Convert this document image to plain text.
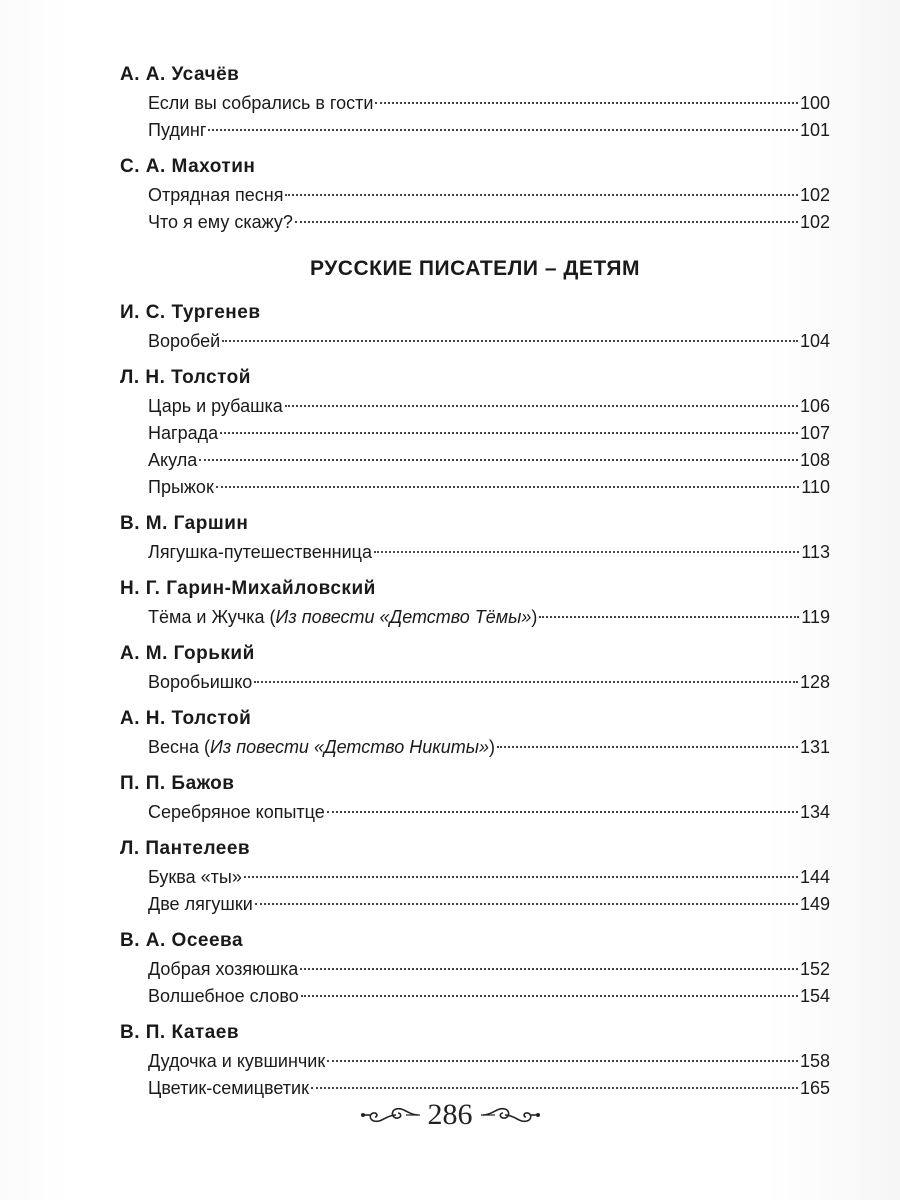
А. А. Усачёв
Если вы собрались в гости	100
Пудинг	101
С. А. Махотин
Отрядная песня	102
Что я ему скажу?	102
РУССКИЕ ПИСАТЕЛИ – ДЕТЯМ
И. С. Тургенев
Воробей	104
Л. Н. Толстой
Царь и рубашка	106
Награда	107
Акула	108
Прыжок	110
В. М. Гаршин
Лягушка-путешественница	113
Н. Г. Гарин-Михайловский
Тёма и Жучка (Из повести «Детство Тёмы»)	119
А. М. Горький
Воробьишко	128
А. Н. Толстой
Весна (Из повести «Детство Никиты»)	131
П. П. Бажов
Серебряное копытце	134
Л. Пантелеев
Буква «ты»	144
Две лягушки	149
В. А. Осеева
Добрая хозяюшка	152
Волшебное слово	154
В. П. Катаев
Дудочка и кувшинчик	158
Цветик-семицветик	165
286
